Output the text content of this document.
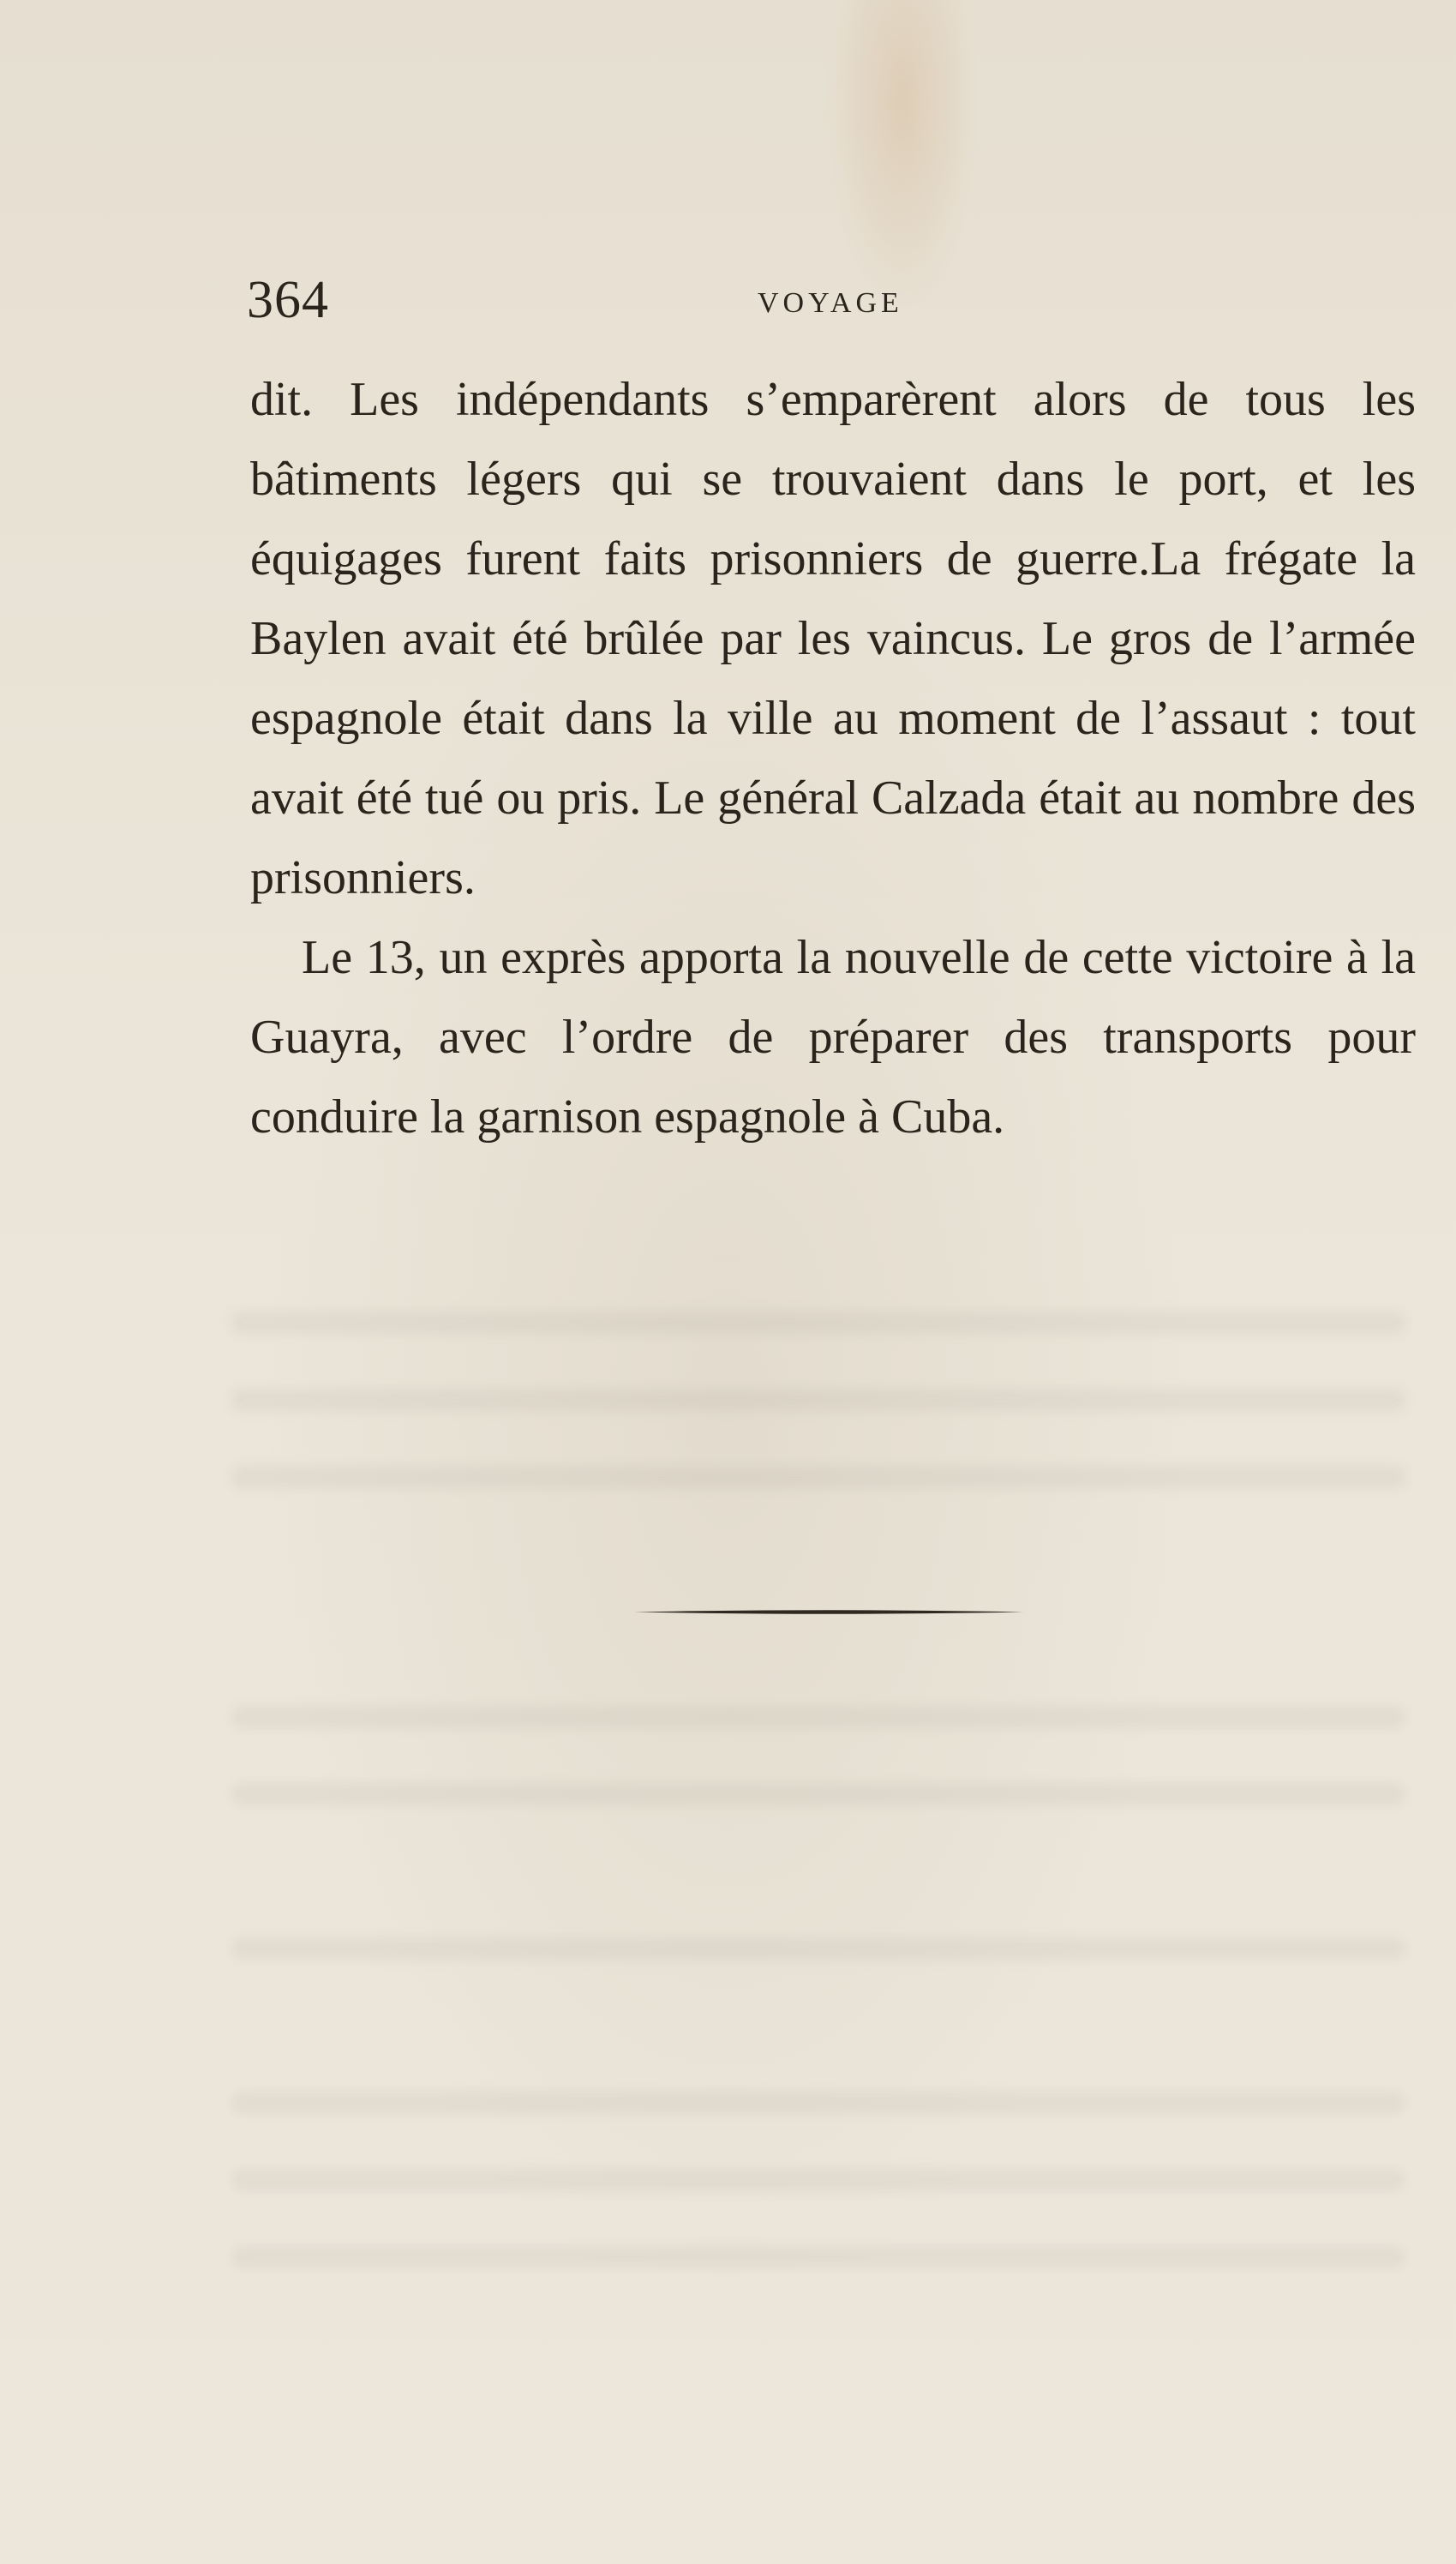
364	VOYAGE

dit. Les indépendants s’emparèrent alors de tous les bâtiments légers qui se trouvaient dans le port, et les équigages furent faits prisonniers de guerre.La frégate la Baylen avait été brûlée par les vaincus. Le gros de l’armée espagnole était dans la ville au moment de l’assaut : tout avait été tué ou pris. Le général Calzada était au nombre des prisonniers.

Le 13, un exprès apporta la nouvelle de cette victoire à la Guayra, avec l’ordre de préparer des transports pour conduire la garnison espagnole à Cuba.
